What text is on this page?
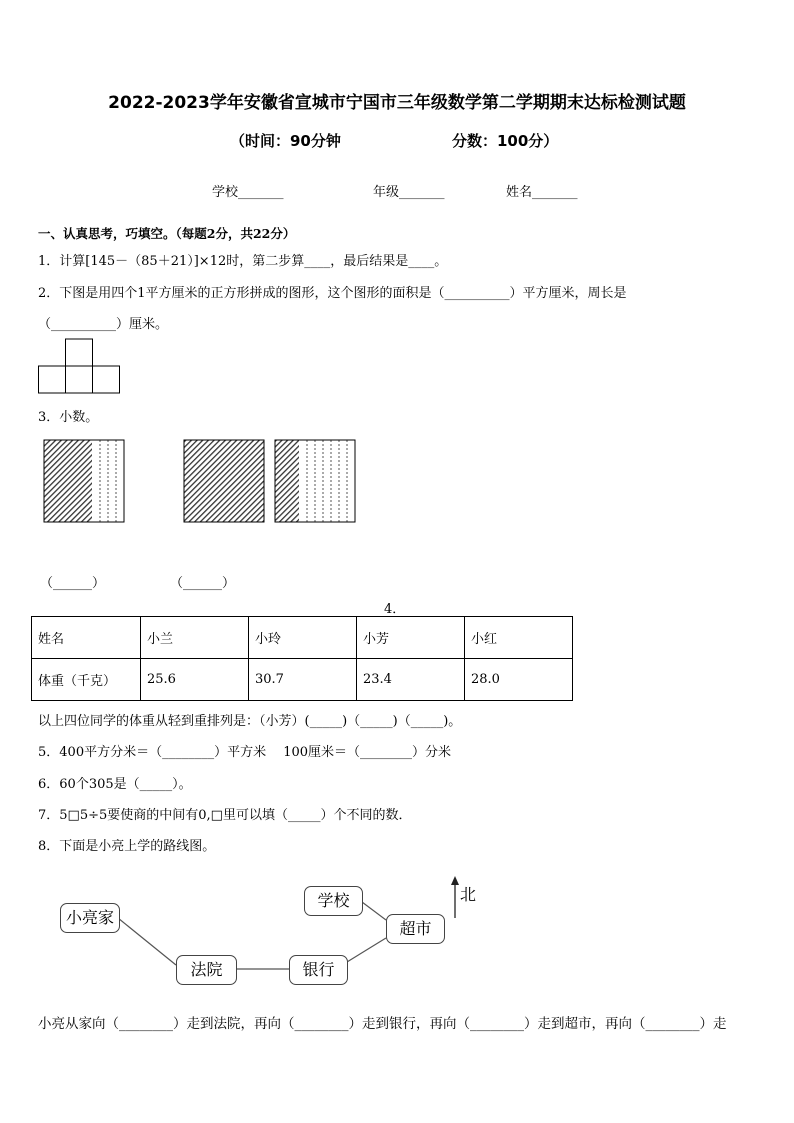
2022-2023学年安徽省宣城市宁国市三年级数学第二学期期末达标检测试题
（时间：90分钟	分数：100分）
学校_______	年级_______	姓名_______
一、认真思考，巧填空。（每题2分，共22分）
1．计算[145－（85＋21）]×12时，第二步算____，最后结果是____。
2．下图是用四个1平方厘米的正方形拼成的图形，这个图形的面积是（__________）平方厘米，周长是
（__________）厘米。
3．小数。
（______）	（______）
4．
姓名	小兰	小玲	小芳	小红
体重（千克）	25.6	30.7	23.4	28.0
以上四位同学的体重从轻到重排列是：（小芳）(_____)（_____)（_____)。
5．400平方分米＝（________）平方米　 100厘米＝（________）分米
6．60个305是（_____）。
7．5□5÷5要使商的中间有0,□里可以填（_____）个不同的数．
8．下面是小亮上学的路线图。
小亮家
法院	银行
超市
学校	北
小亮从家向（________）走到法院，再向（________）走到银行，再向（________）走到超市，再向（________）走
